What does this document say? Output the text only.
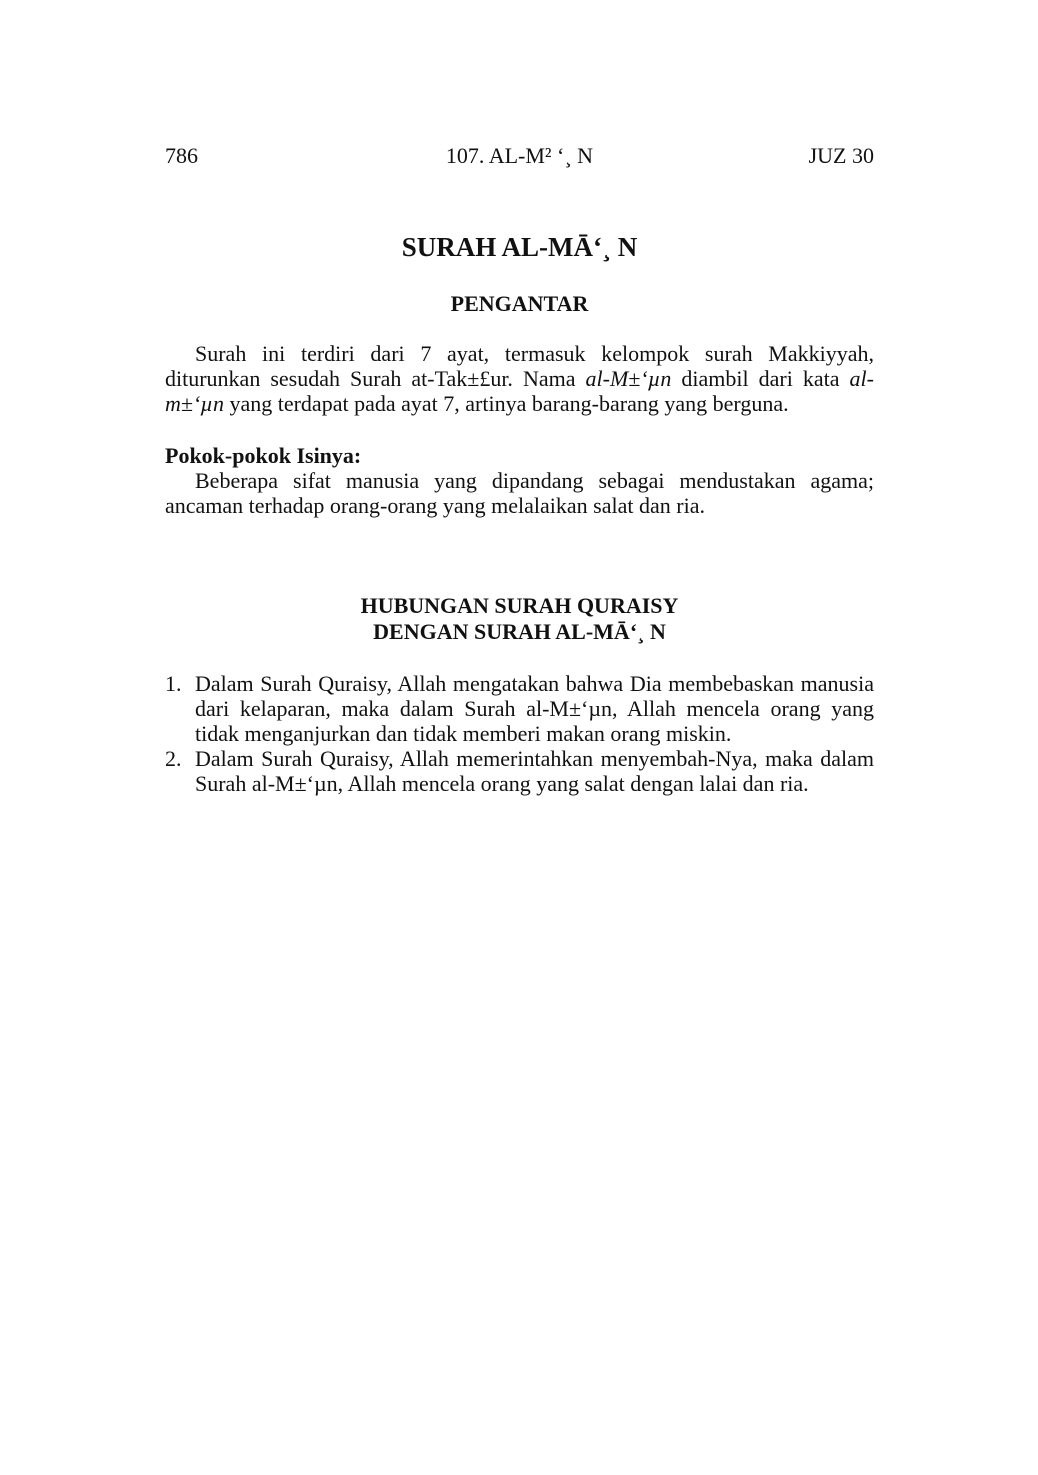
786	107. AL-M² ‘¸ N	JUZ 30
SURAH AL-MĀ‘¸ N
PENGANTAR

Surah ini terdiri dari 7 ayat, termasuk kelompok surah Makkiyyah, diturunkan sesudah Surah at-Tak±£ur. Nama al-M±‘µn diambil dari kata al-m±‘µn yang terdapat pada ayat 7, artinya barang-barang yang berguna.

Pokok-pokok Isinya:

Beberapa sifat manusia yang dipandang sebagai mendustakan agama; ancaman terhadap orang-orang yang melalaikan salat dan ria.

HUBUNGAN SURAH QURAISY
DENGAN SURAH AL-MĀ‘¸ N
1. Dalam Surah Quraisy, Allah mengatakan bahwa Dia membebaskan manusia dari kelaparan, maka dalam Surah al-M±‘µn, Allah mencela orang yang tidak menganjurkan dan tidak memberi makan orang miskin.
2. Dalam Surah Quraisy, Allah memerintahkan menyembah-Nya, maka dalam Surah al-M±‘µn, Allah mencela orang yang salat dengan lalai dan ria.
